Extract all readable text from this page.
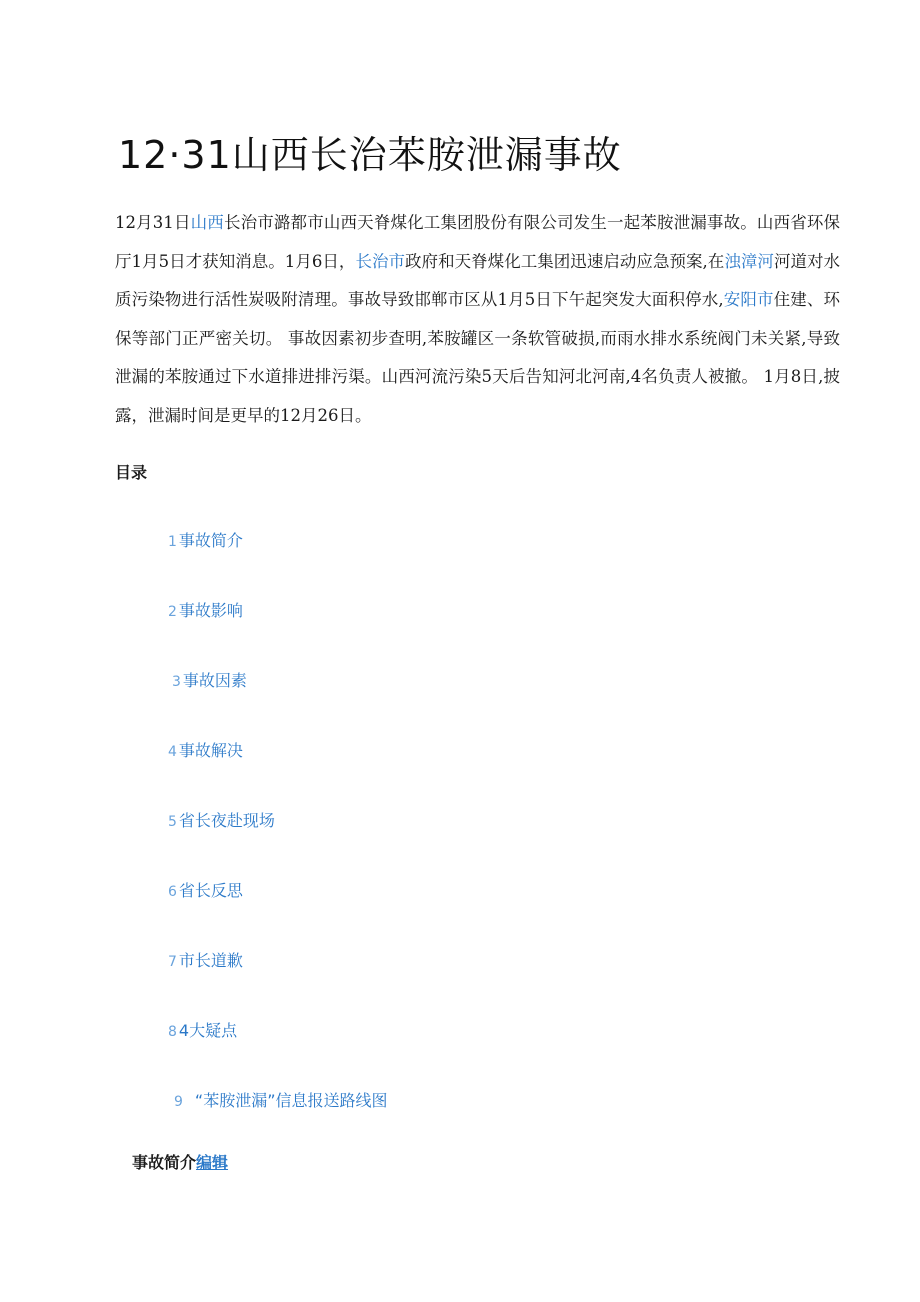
12·31山西长治苯胺泄漏事故

12月31日山西长治市潞都市山西天脊煤化工集团股份有限公司发生一起苯胺泄漏事故。山西省环保厅1月5日才获知消息。1月6日，长治市政府和天脊煤化工集团迅速启动应急预案,在浊漳河河道对水质污染物进行活性炭吸附清理。事故导致邯郸市区从1月5日下午起突发大面积停水,安阳市住建、环保等部门正严密关切。 事故因素初步查明,苯胺罐区一条软管破损,而雨水排水系统阀门未关紧,导致泄漏的苯胺通过下水道排进排污渠。山西河流污染5天后告知河北河南,4名负责人被撤。 1月8日,披露，泄漏时间是更早的12月26日。

目录
1 事故简介
2 事故影响
3 事故因素
4 事故解决
5 省长夜赴现场
6 省长反思
7 市长道歉
8 4大疑点
9 “苯胺泄漏”信息报送路线图
事故简介编辑
